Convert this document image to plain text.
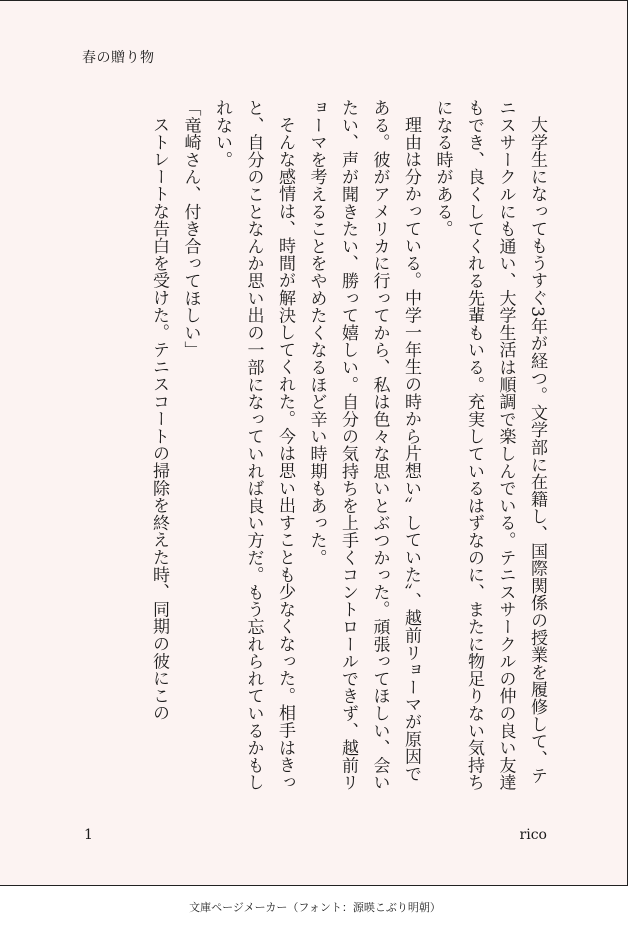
春の贈り物

大学生になってもうすぐ3年が経つ。文学部に在籍し、国際関係の授業を履修して、テニスサークルにも通い、大学生活は順調で楽しんでいる。テニスサークルの仲の良い友達もでき、良くしてくれる先輩もいる。充実しているはずなのに、またに物足りない気持ちになる時がある。

理由は分かっている。中学一年生の時から片想い〟していた〟、越前リョーマが原因である。彼がアメリカに行ってから、私は色々な思いとぶつかった。頑張ってほしい、会いたい、声が聞きたい、勝って嬉しい。自分の気持ちを上手くコントロールできず、越前リョーマを考えることをやめたくなるほど辛い時期もあった。

そんな感情は、時間が解決してくれた。今は思い出すことも少なくなった。相手はきっと、自分のことなんか思い出の一部になっていれば良い方だ。もう忘れられているかもしれない。

「竜崎さん、付き合ってほしい」

ストレートな告白を受けた。テニスコートの掃除を終えた時、同期の彼にこの

1	rico
文庫ページメーカー（フォント：源暎こぶり明朝）
